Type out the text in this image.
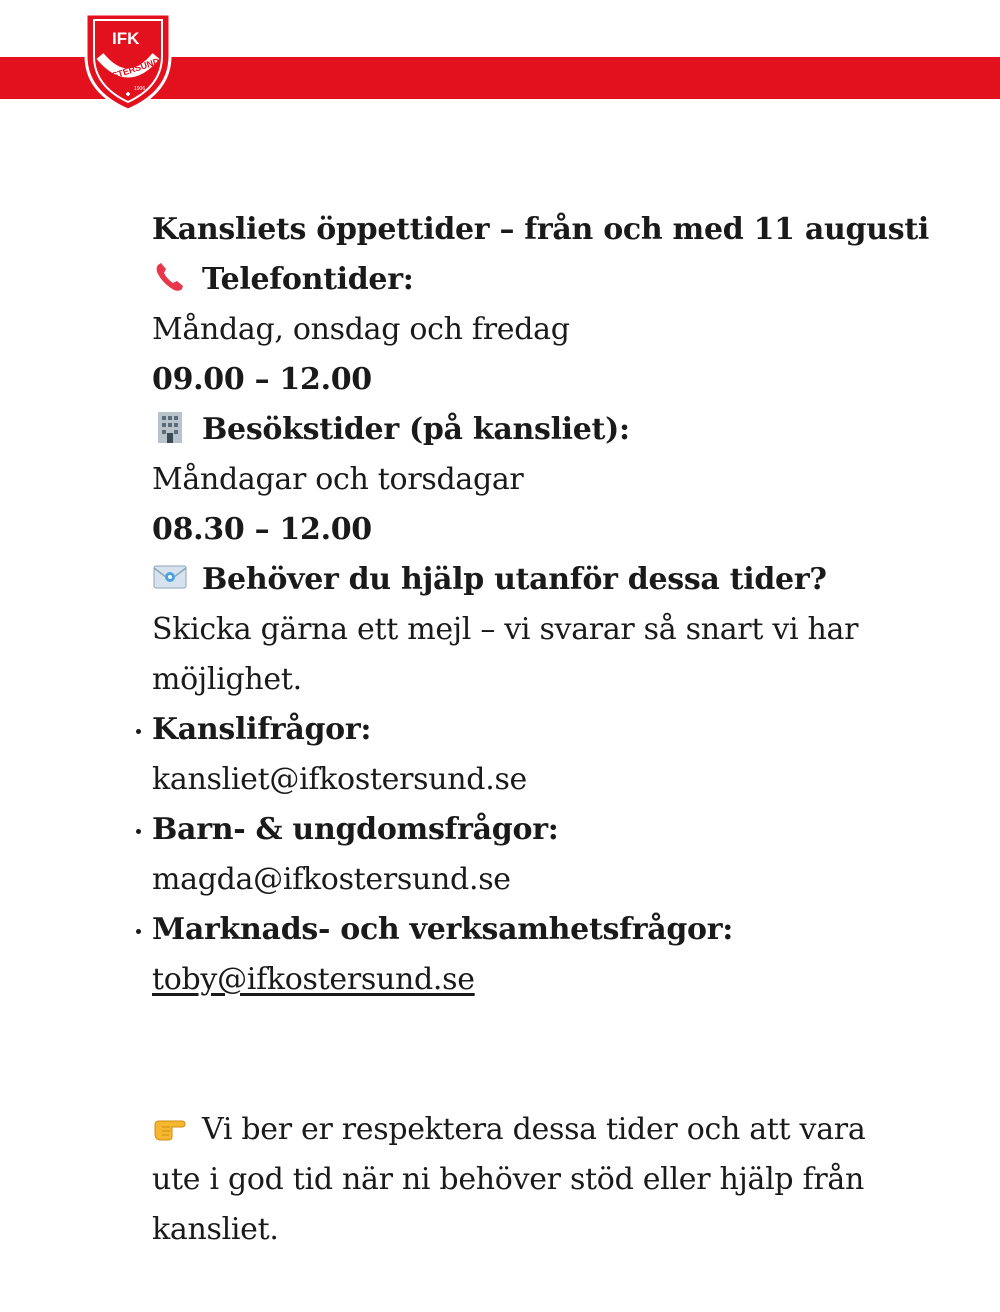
IFK
ÖSTERSUND
1906
Kansliets öppettider – från och med 11 augusti
Telefontider:
Måndag, onsdag och fredag
09.00 – 12.00
Besökstider (på kansliet):
Måndagar och torsdagar
08.30 – 12.00
Behöver du hjälp utanför dessa tider?
Skicka gärna ett mejl – vi svarar så snart vi har
möjlighet.
Kanslifrågor:
kansliet@ifkostersund.se
Barn- & ungdomsfrågor:
magda@ifkostersund.se
Marknads- och verksamhetsfrågor:
toby@ifkostersund.se
Vi ber er respektera dessa tider och att vara
ute i god tid när ni behöver stöd eller hjälp från
kansliet.
